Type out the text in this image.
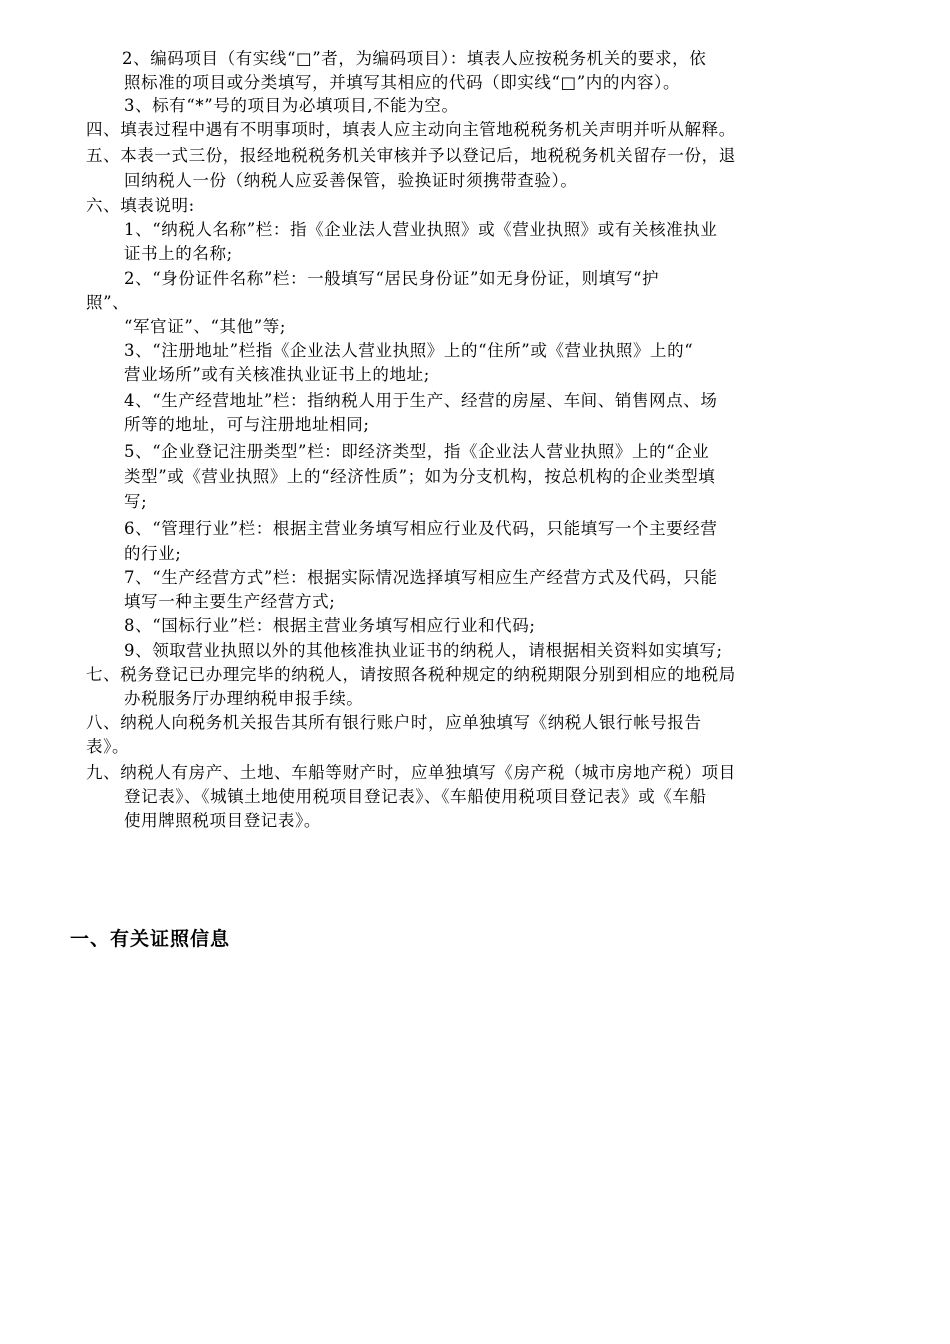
2、编码项目（有实线“□”者，为编码项目）：填表人应按税务机关的要求，依
照标准的项目或分类填写，并填写其相应的代码（即实线“□”内的内容）。
3、标有“*”号的项目为必填项目,不能为空。
四、填表过程中遇有不明事项时，填表人应主动向主管地税税务机关声明并听从解释。
五、本表一式三份，报经地税税务机关审核并予以登记后，地税税务机关留存一份，退
回纳税人一份（纳税人应妥善保管，验换证时须携带查验）。
六、填表说明:
1、“纳税人名称”栏：指《企业法人营业执照》或《营业执照》或有关核准执业
证书上的名称;
2、“身份证件名称”栏：一般填写“居民身份证”如无身份证，则填写“护
照”、
“军官证”、“其他”等;
3、“注册地址”栏指《企业法人营业执照》上的“住所”或《营业执照》上的“
营业场所”或有关核准执业证书上的地址;
4、“生产经营地址”栏：指纳税人用于生产、经营的房屋、车间、销售网点、场
所等的地址，可与注册地址相同;
5、“企业登记注册类型”栏：即经济类型，指《企业法人营业执照》上的“企业
类型”或《营业执照》上的“经济性质”；如为分支机构，按总机构的企业类型填
写;
6、“管理行业”栏：根据主营业务填写相应行业及代码，只能填写一个主要经营
的行业;
7、“生产经营方式”栏：根据实际情况选择填写相应生产经营方式及代码，只能
填写一种主要生产经营方式;
8、“国标行业”栏：根据主营业务填写相应行业和代码;
9、领取营业执照以外的其他核准执业证书的纳税人，请根据相关资料如实填写;
七、税务登记已办理完毕的纳税人，请按照各税种规定的纳税期限分别到相应的地税局
办税服务厅办理纳税申报手续。
八、纳税人向税务机关报告其所有银行账户时，应单独填写《纳税人银行帐号报告
表》。
九、纳税人有房产、土地、车船等财产时，应单独填写《房产税（城市房地产税）项目
登记表》、《城镇土地使用税项目登记表》、《车船使用税项目登记表》或《车船
使用牌照税项目登记表》。
一、有关证照信息
